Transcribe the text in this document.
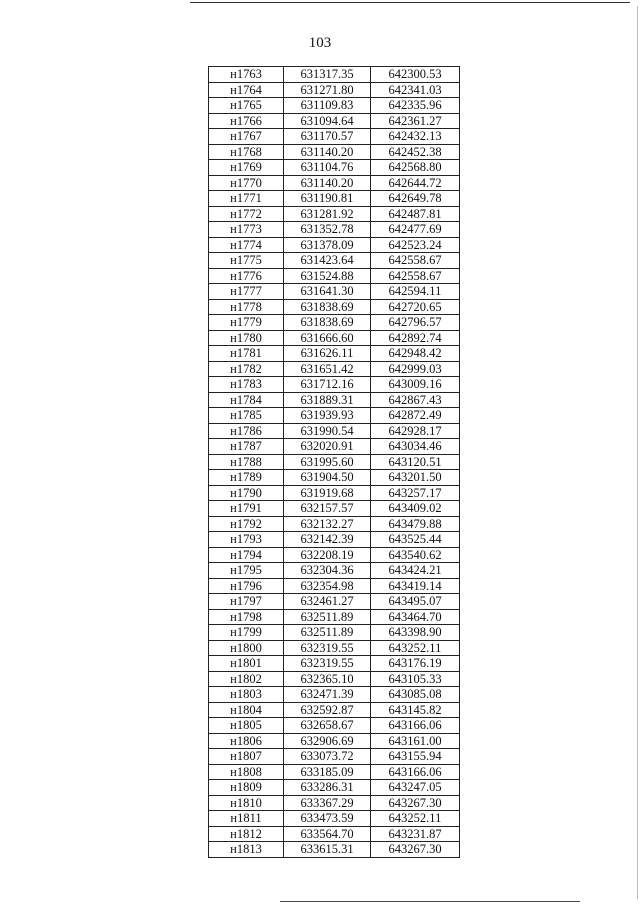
103
н1763	631317.35	642300.53
н1764	631271.80	642341.03
н1765	631109.83	642335.96
н1766	631094.64	642361.27
н1767	631170.57	642432.13
н1768	631140.20	642452.38
н1769	631104.76	642568.80
н1770	631140.20	642644.72
н1771	631190.81	642649.78
н1772	631281.92	642487.81
н1773	631352.78	642477.69
н1774	631378.09	642523.24
н1775	631423.64	642558.67
н1776	631524.88	642558.67
н1777	631641.30	642594.11
н1778	631838.69	642720.65
н1779	631838.69	642796.57
н1780	631666.60	642892.74
н1781	631626.11	642948.42
н1782	631651.42	642999.03
н1783	631712.16	643009.16
н1784	631889.31	642867.43
н1785	631939.93	642872.49
н1786	631990.54	642928.17
н1787	632020.91	643034.46
н1788	631995.60	643120.51
н1789	631904.50	643201.50
н1790	631919.68	643257.17
н1791	632157.57	643409.02
н1792	632132.27	643479.88
н1793	632142.39	643525.44
н1794	632208.19	643540.62
н1795	632304.36	643424.21
н1796	632354.98	643419.14
н1797	632461.27	643495.07
н1798	632511.89	643464.70
н1799	632511.89	643398.90
н1800	632319.55	643252.11
н1801	632319.55	643176.19
н1802	632365.10	643105.33
н1803	632471.39	643085.08
н1804	632592.87	643145.82
н1805	632658.67	643166.06
н1806	632906.69	643161.00
н1807	633073.72	643155.94
н1808	633185.09	643166.06
н1809	633286.31	643247.05
н1810	633367.29	643267.30
н1811	633473.59	643252.11
н1812	633564.70	643231.87
н1813	633615.31	643267.30
